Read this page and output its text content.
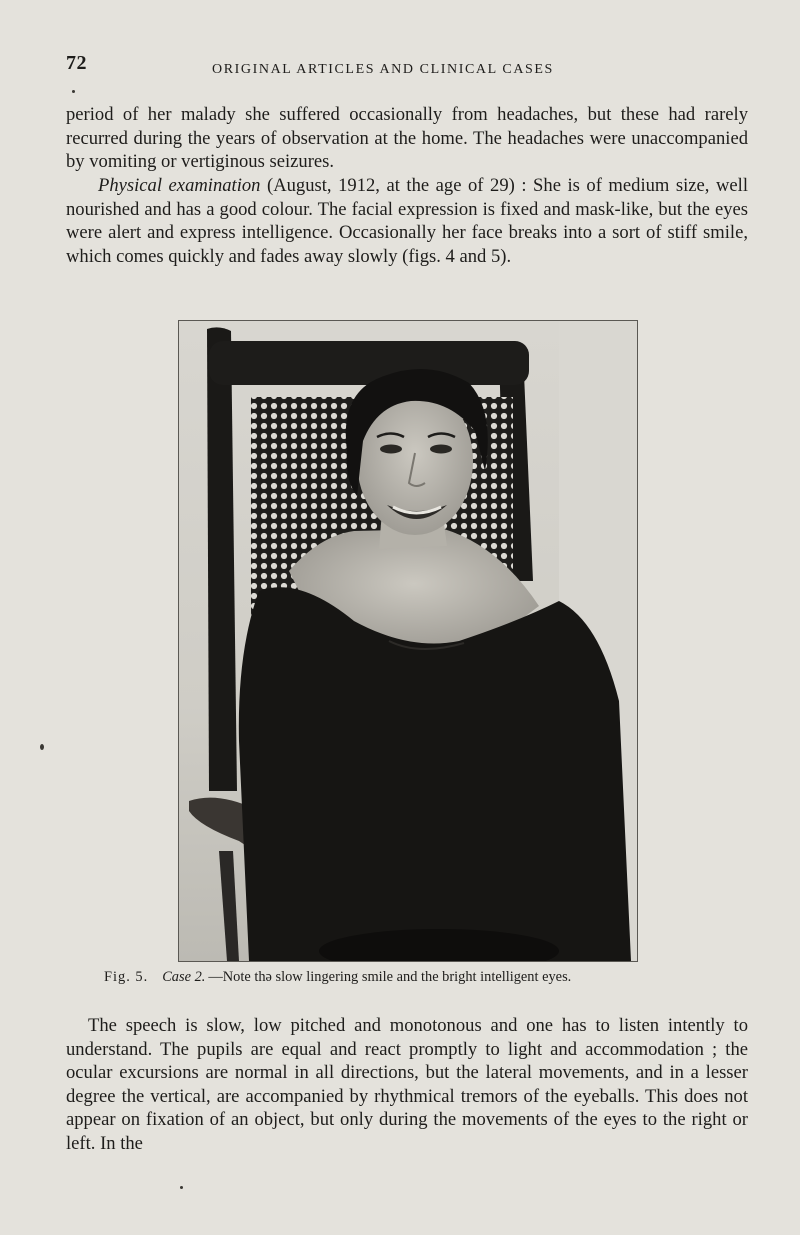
72	ORIGINAL ARTICLES AND CLINICAL CASES

period of her malady she suffered occasionally from headaches, but these had rarely recurred during the years of observation at the home. The headaches were unaccompanied by vomiting or vertiginous seizures.

Physical examination (August, 1912, at the age of 29) : She is of medium size, well nourished and has a good colour. The facial expression is fixed and mask-like, but the eyes were alert and express intelligence. Occasionally her face breaks into a sort of stiff smile, which comes quickly and fades away slowly (figs. 4 and 5).

Fig. 5. Case 2. —Note thə slow lingering smile and the bright intelligent eyes.

The speech is slow, low pitched and monotonous and one has to listen intently to understand. The pupils are equal and react promptly to light and accommodation ; the ocular excursions are normal in all directions, but the lateral movements, and in a lesser degree the vertical, are accompanied by rhythmical tremors of the eyeballs. This does not appear on fixation of an object, but only during the movements of the eyes to the right or left. In the
